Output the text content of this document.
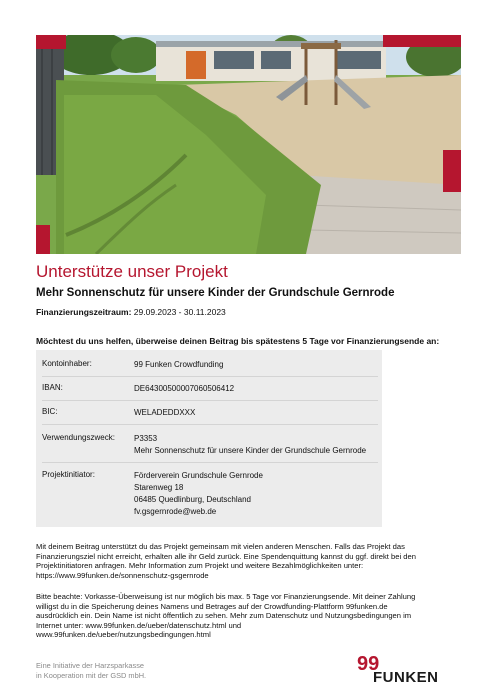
Unterstütze unser Projekt
Mehr Sonnenschutz für unsere Kinder der Grundschule Gernrode
Finanzierungszeitraum: 29.09.2023 - 30.11.2023
Möchtest du uns helfen, überweise deinen Beitrag bis spätestens 5 Tage vor Finanzierungsende an:
Kontoinhaber:	99 Funken Crowdfunding
IBAN:	DE64300500007060506412
BIC:	WELADEDDXXX
Verwendungszweck:	P3353
Mehr Sonnenschutz für unsere Kinder der Grundschule Gernrode
Projektinitiator:	Förderverein Grundschule Gernrode
Starenweg 18
06485 Quedlinburg, Deutschland
fv.gsgernrode@web.de
Mit deinem Beitrag unterstützt du das Projekt gemeinsam mit vielen anderen Menschen. Falls das Projekt das
Finanzierungsziel nicht erreicht, erhalten alle ihr Geld zurück. Eine Spendenquittung kannst du ggf. direkt bei den
Projektinitiatoren anfragen. Mehr Information zum Projekt und weitere Bezahlmöglichkeiten unter:
https://www.99funken.de/sonnenschutz-gsgernrode
Bitte beachte: Vorkasse-Überweisung ist nur möglich bis max. 5 Tage vor Finanzierungsende. Mit deiner Zahlung
willigst du in die Speicherung deines Namens und Betrages auf der Crowdfunding-Plattform 99funken.de
ausdrücklich ein. Dein Name ist nicht öffentlich zu sehen. Mehr zum Datenschutz und Nutzungsbedingungen im
Internet unter: www.99funken.de/ueber/datenschutz.html und
www.99funken.de/ueber/nutzungsbedingungen.html
Eine Initiative der Harzsparkasse
in Kooperation mit der GSD mbH.
99
FUNKEN
